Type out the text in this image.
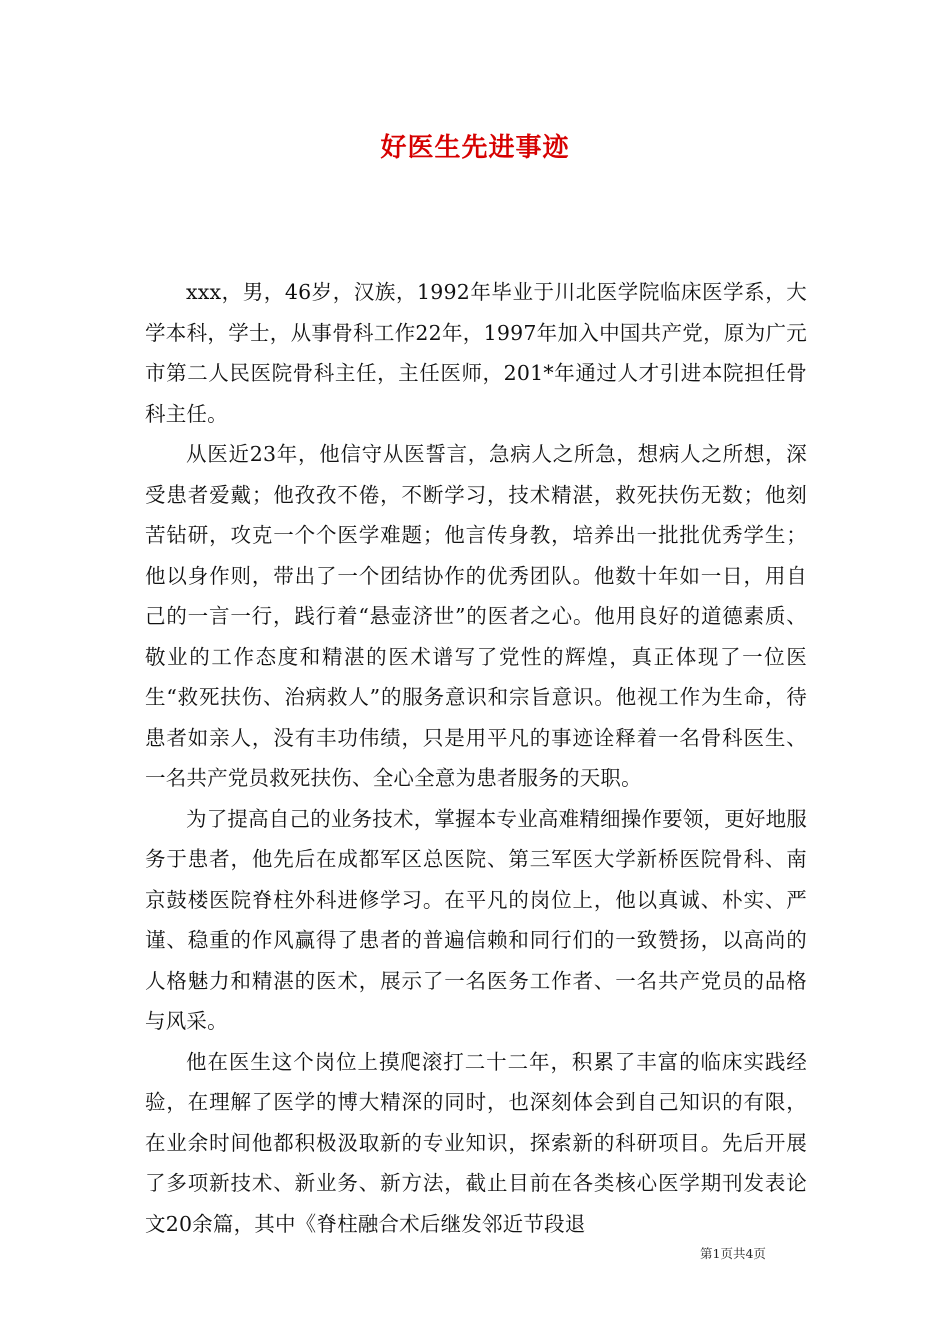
好医生先进事迹

xxx，男，46岁，汉族，1992年毕业于川北医学院临床医学系，大学本科，学士，从事骨科工作22年，1997年加入中国共产党，原为广元市第二人民医院骨科主任，主任医师，201*年通过人才引进本院担任骨科主任。

从医近23年，他信守从医誓言，急病人之所急，想病人之所想，深受患者爱戴；他孜孜不倦，不断学习，技术精湛，救死扶伤无数；他刻苦钻研，攻克一个个医学难题；他言传身教，培养出一批批优秀学生；他以身作则，带出了一个团结协作的优秀团队。他数十年如一日，用自己的一言一行，践行着“悬壶济世”的医者之心。他用良好的道德素质、敬业的工作态度和精湛的医术谱写了党性的辉煌，真正体现了一位医生“救死扶伤、治病救人”的服务意识和宗旨意识。他视工作为生命，待患者如亲人，没有丰功伟绩，只是用平凡的事迹诠释着一名骨科医生、一名共产党员救死扶伤、全心全意为患者服务的天职。

为了提高自己的业务技术，掌握本专业高难精细操作要领，更好地服务于患者，他先后在成都军区总医院、第三军医大学新桥医院骨科、南京鼓楼医院脊柱外科进修学习。在平凡的岗位上，他以真诚、朴实、严谨、稳重的作风赢得了患者的普遍信赖和同行们的一致赞扬，以高尚的人格魅力和精湛的医术，展示了一名医务工作者、一名共产党员的品格与风采。

他在医生这个岗位上摸爬滚打二十二年，积累了丰富的临床实践经验，在理解了医学的博大精深的同时，也深刻体会到自己知识的有限，在业余时间他都积极汲取新的专业知识，探索新的科研项目。先后开展了多项新技术、新业务、新方法，截止目前在各类核心医学期刊发表论文20余篇，其中《脊柱融合术后继发邻近节段退

第1页共4页
